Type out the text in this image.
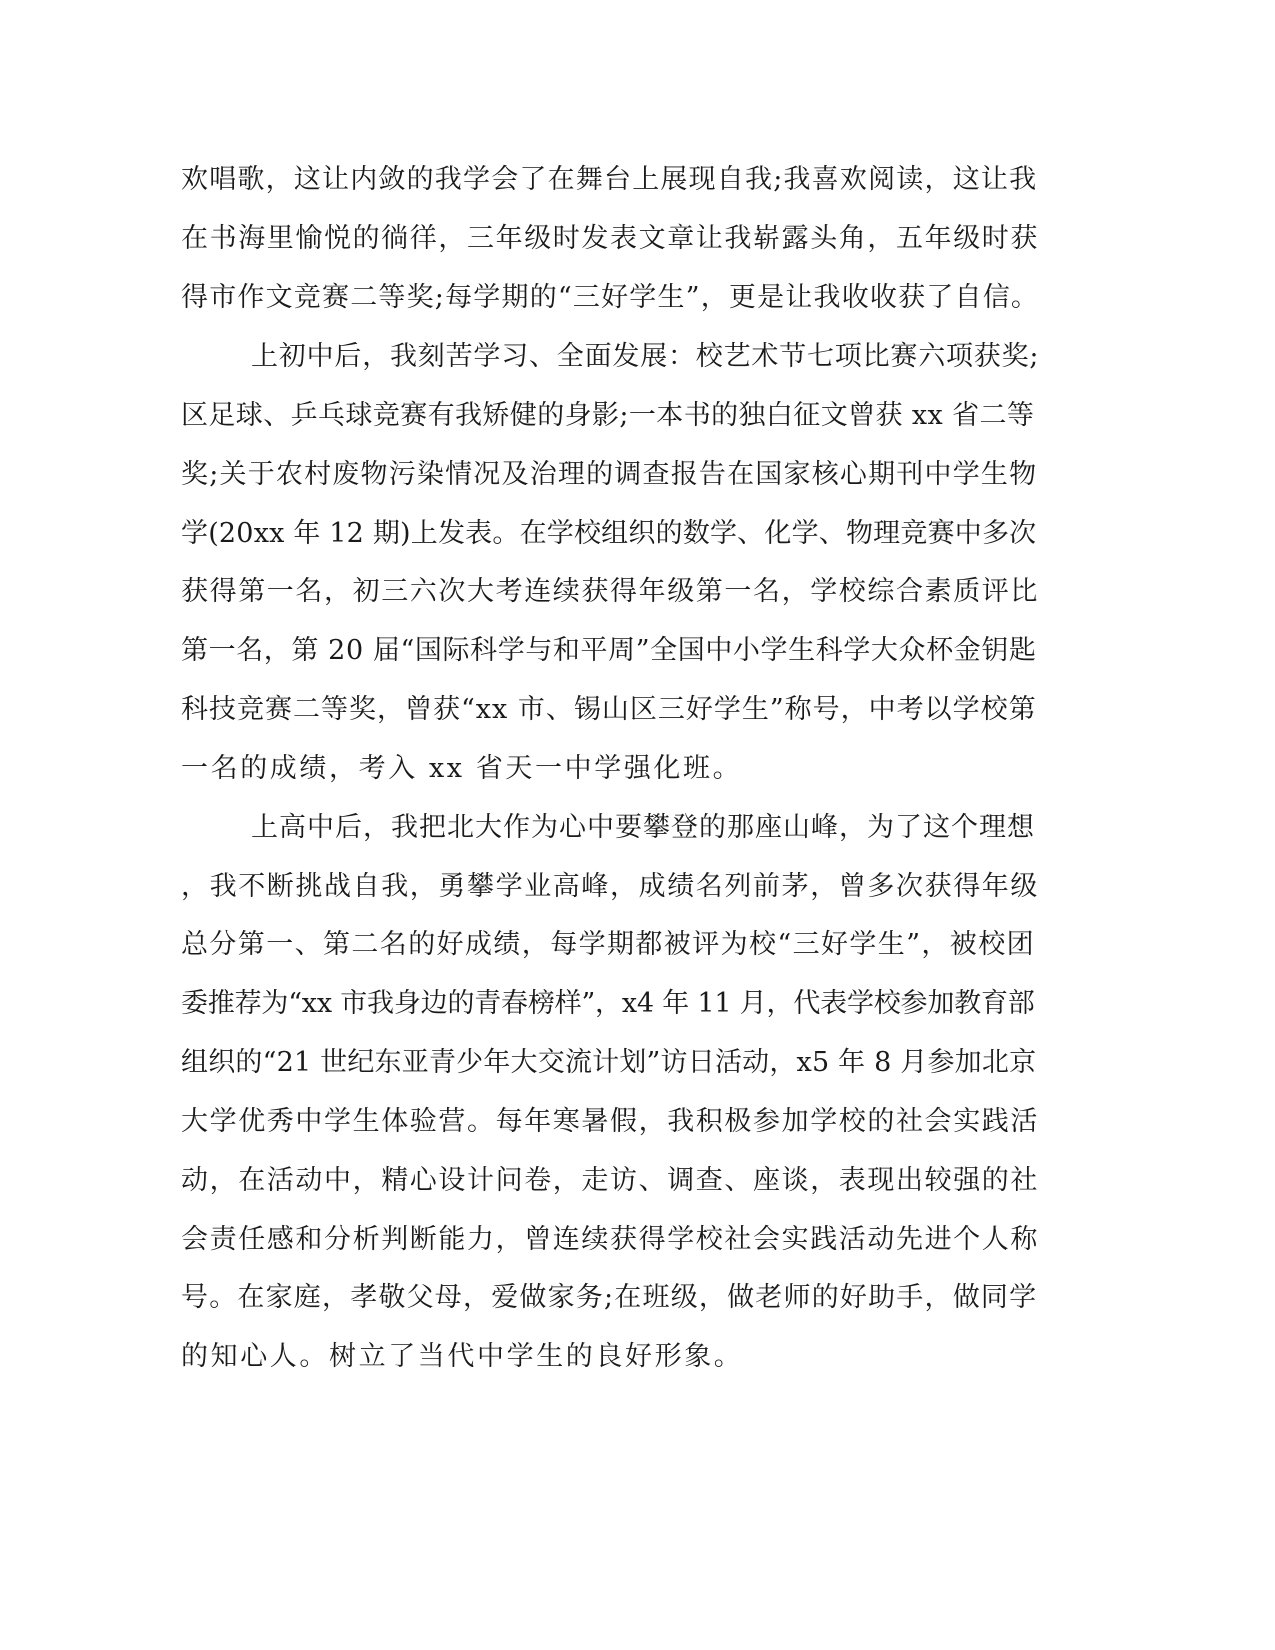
欢唱歌，这让内敛的我学会了在舞台上展现自我;我喜欢阅读，这让我

在书海里愉悦的徜徉，三年级时发表文章让我崭露头角，五年级时获

得市作文竞赛二等奖;每学期的“三好学生”，更是让我收收获了自信。

上初中后，我刻苦学习、全面发展：校艺术节七项比赛六项获奖;

区足球、乒乓球竞赛有我矫健的身影;一本书的独白征文曾获 xx 省二等

奖;关于农村废物污染情况及治理的调查报告在国家核心期刊中学生物

学(20xx 年 12 期)上发表。在学校组织的数学、化学、物理竞赛中多次

获得第一名，初三六次大考连续获得年级第一名，学校综合素质评比

第一名，第 20 届“国际科学与和平周”全国中小学生科学大众杯金钥匙

科技竞赛二等奖，曾获“xx 市、锡山区三好学生”称号，中考以学校第

一名的成绩，考入 xx 省天一中学强化班。

上高中后，我把北大作为心中要攀登的那座山峰，为了这个理想

，我不断挑战自我，勇攀学业高峰，成绩名列前茅，曾多次获得年级

总分第一、第二名的好成绩，每学期都被评为校“三好学生”，被校团

委推荐为“xx 市我身边的青春榜样”，x4 年 11 月，代表学校参加教育部

组织的“21 世纪东亚青少年大交流计划”访日活动，x5 年 8 月参加北京

大学优秀中学生体验营。每年寒暑假，我积极参加学校的社会实践活

动，在活动中，精心设计问卷，走访、调查、座谈，表现出较强的社

会责任感和分析判断能力，曾连续获得学校社会实践活动先进个人称

号。在家庭，孝敬父母，爱做家务;在班级，做老师的好助手，做同学

的知心人。树立了当代中学生的良好形象。
